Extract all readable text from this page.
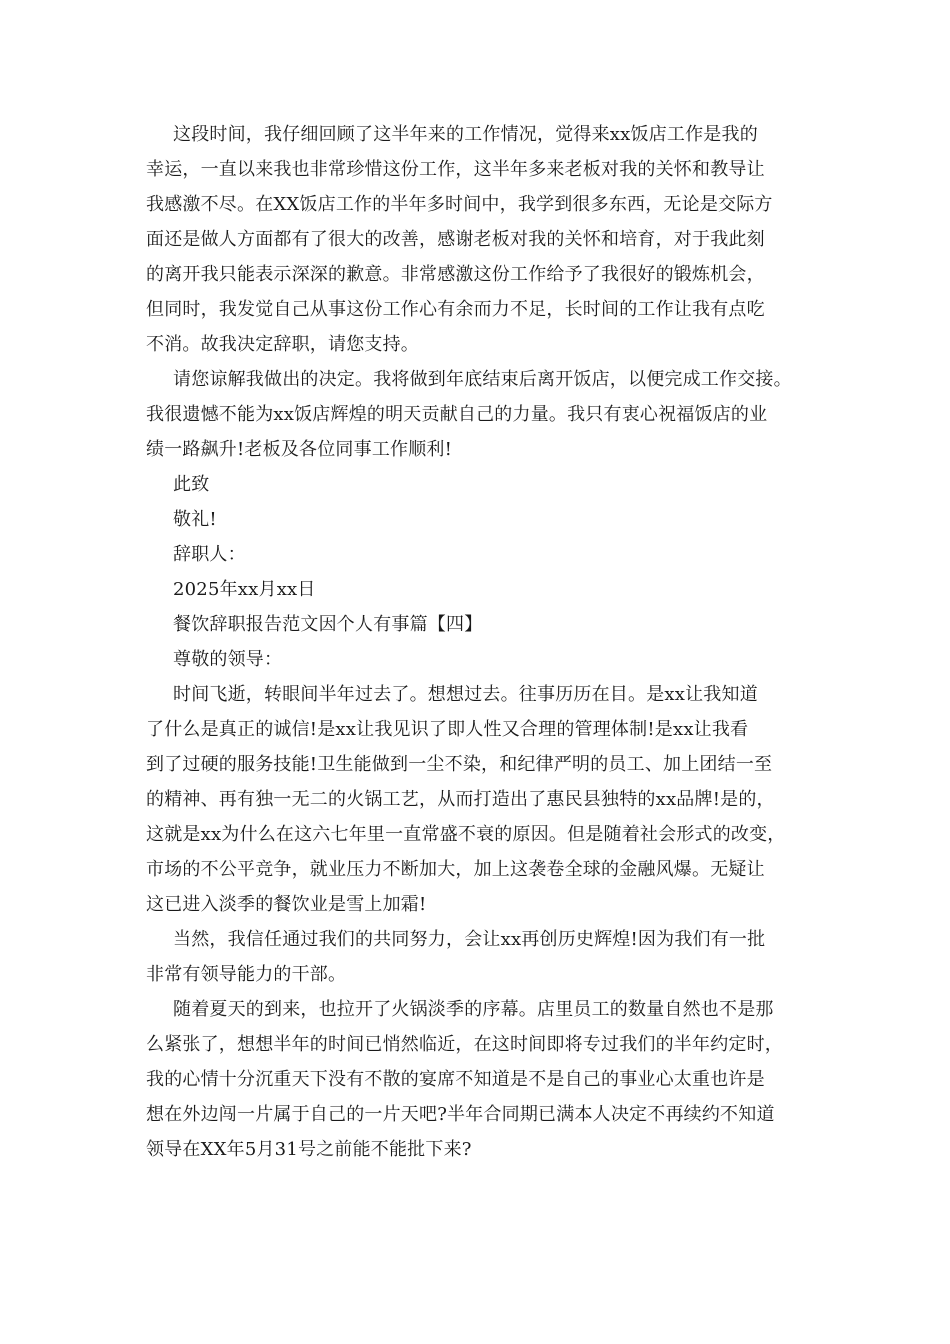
这段时间，我仔细回顾了这半年来的工作情况，觉得来xx饭店工作是我的
幸运，一直以来我也非常珍惜这份工作，这半年多来老板对我的关怀和教导让
我感激不尽。在XX饭店工作的半年多时间中，我学到很多东西，无论是交际方
面还是做人方面都有了很大的改善，感谢老板对我的关怀和培育，对于我此刻
的离开我只能表示深深的歉意。非常感激这份工作给予了我很好的锻炼机会，
但同时，我发觉自己从事这份工作心有余而力不足，长时间的工作让我有点吃
不消。故我决定辞职，请您支持。
请您谅解我做出的决定。我将做到年底结束后离开饭店，以便完成工作交接。
我很遗憾不能为xx饭店辉煌的明天贡献自己的力量。我只有衷心祝福饭店的业
绩一路飙升!老板及各位同事工作顺利!
此致
敬礼!
辞职人：
2025年xx月xx日
餐饮辞职报告范文因个人有事篇【四】
尊敬的领导：
时间飞逝，转眼间半年过去了。想想过去。往事历历在目。是xx让我知道
了什么是真正的诚信!是xx让我见识了即人性又合理的管理体制!是xx让我看
到了过硬的服务技能!卫生能做到一尘不染，和纪律严明的员工、加上团结一至
的精神、再有独一无二的火锅工艺，从而打造出了惠民县独特的xx品牌!是的，
这就是xx为什么在这六七年里一直常盛不衰的原因。但是随着社会形式的改变，
市场的不公平竞争，就业压力不断加大，加上这袭卷全球的金融风爆。无疑让
这已进入淡季的餐饮业是雪上加霜!
当然，我信任通过我们的共同努力，会让xx再创历史辉煌!因为我们有一批
非常有领导能力的干部。
随着夏天的到来，也拉开了火锅淡季的序幕。店里员工的数量自然也不是那
么紧张了，想想半年的时间已悄然临近，在这时间即将专过我们的半年约定时，
我的心情十分沉重天下没有不散的宴席不知道是不是自己的事业心太重也许是
想在外边闯一片属于自己的一片天吧?半年合同期已满本人决定不再续约不知道
领导在XX年5月31号之前能不能批下来?
